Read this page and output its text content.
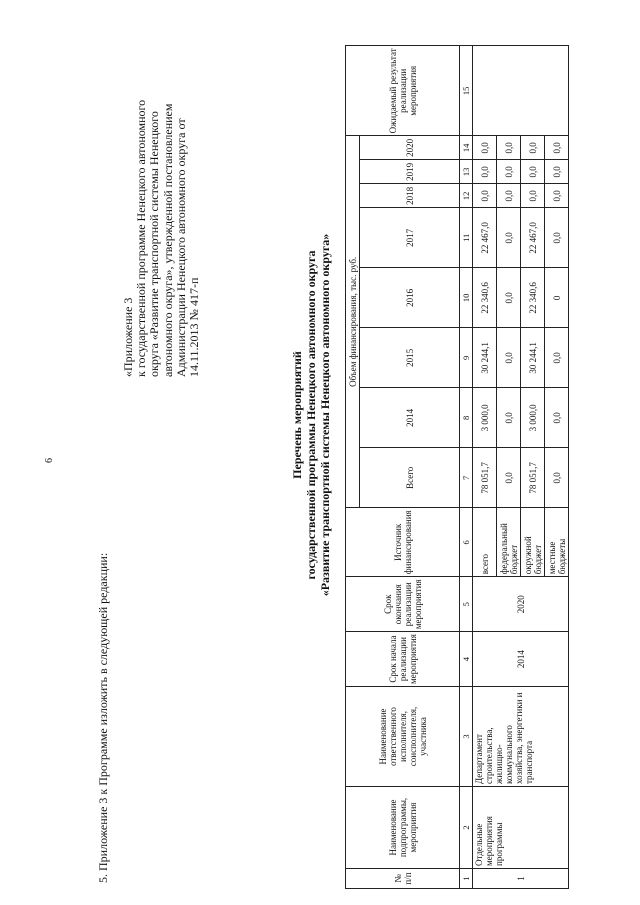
6
5. Приложение 3 к Программе изложить в следующей редакции:
«Приложение 3 к государственной программе Ненецкого автономного округа «Развитие транспортной системы Ненецкого автономного округа», утвержденной постановлением Администрации Ненецкого автономного округа от 14.11.2013 № 417-п
Перечень мероприятий государственной программы Ненецкого автономного округа «Развитие транспортной системы Ненецкого автономного округа»
№ п/п	Наименование подпрограммы, мероприятия	Наименование ответственного исполнителя, соисполнителя, участника	Срок начала реализации мероприятия	Срок окончания реализации мероприятия	Источник финансирования	Объем финансирования, тыс. руб.								Ожидаемый результат реализации мероприятия
						Всего	2014	2015	2016	2017	2018	2019	2020	
1	2	3	4	5	6	7	8	9	10	11	12	13	14	15
1	Отдельные мероприятия программы	Департамент строительства, жилищно-коммунального хозяйства, энергетики и транспорта	2014	2020	всего	78 051,7	3 000,0	30 244,1	22 340,6	22 467,0	0,0	0,0	0,0	
					федеральный бюджет	0,0	0,0	0,0	0,0	0,0	0,0	0,0	0,0	
					окружной бюджет	78 051,7	3 000,0	30 244,1	22 340,6	22 467,0	0,0	0,0	0,0	
					местные бюджеты	0,0	0,0	0,0	0	0,0	0,0	0,0	0,0	
